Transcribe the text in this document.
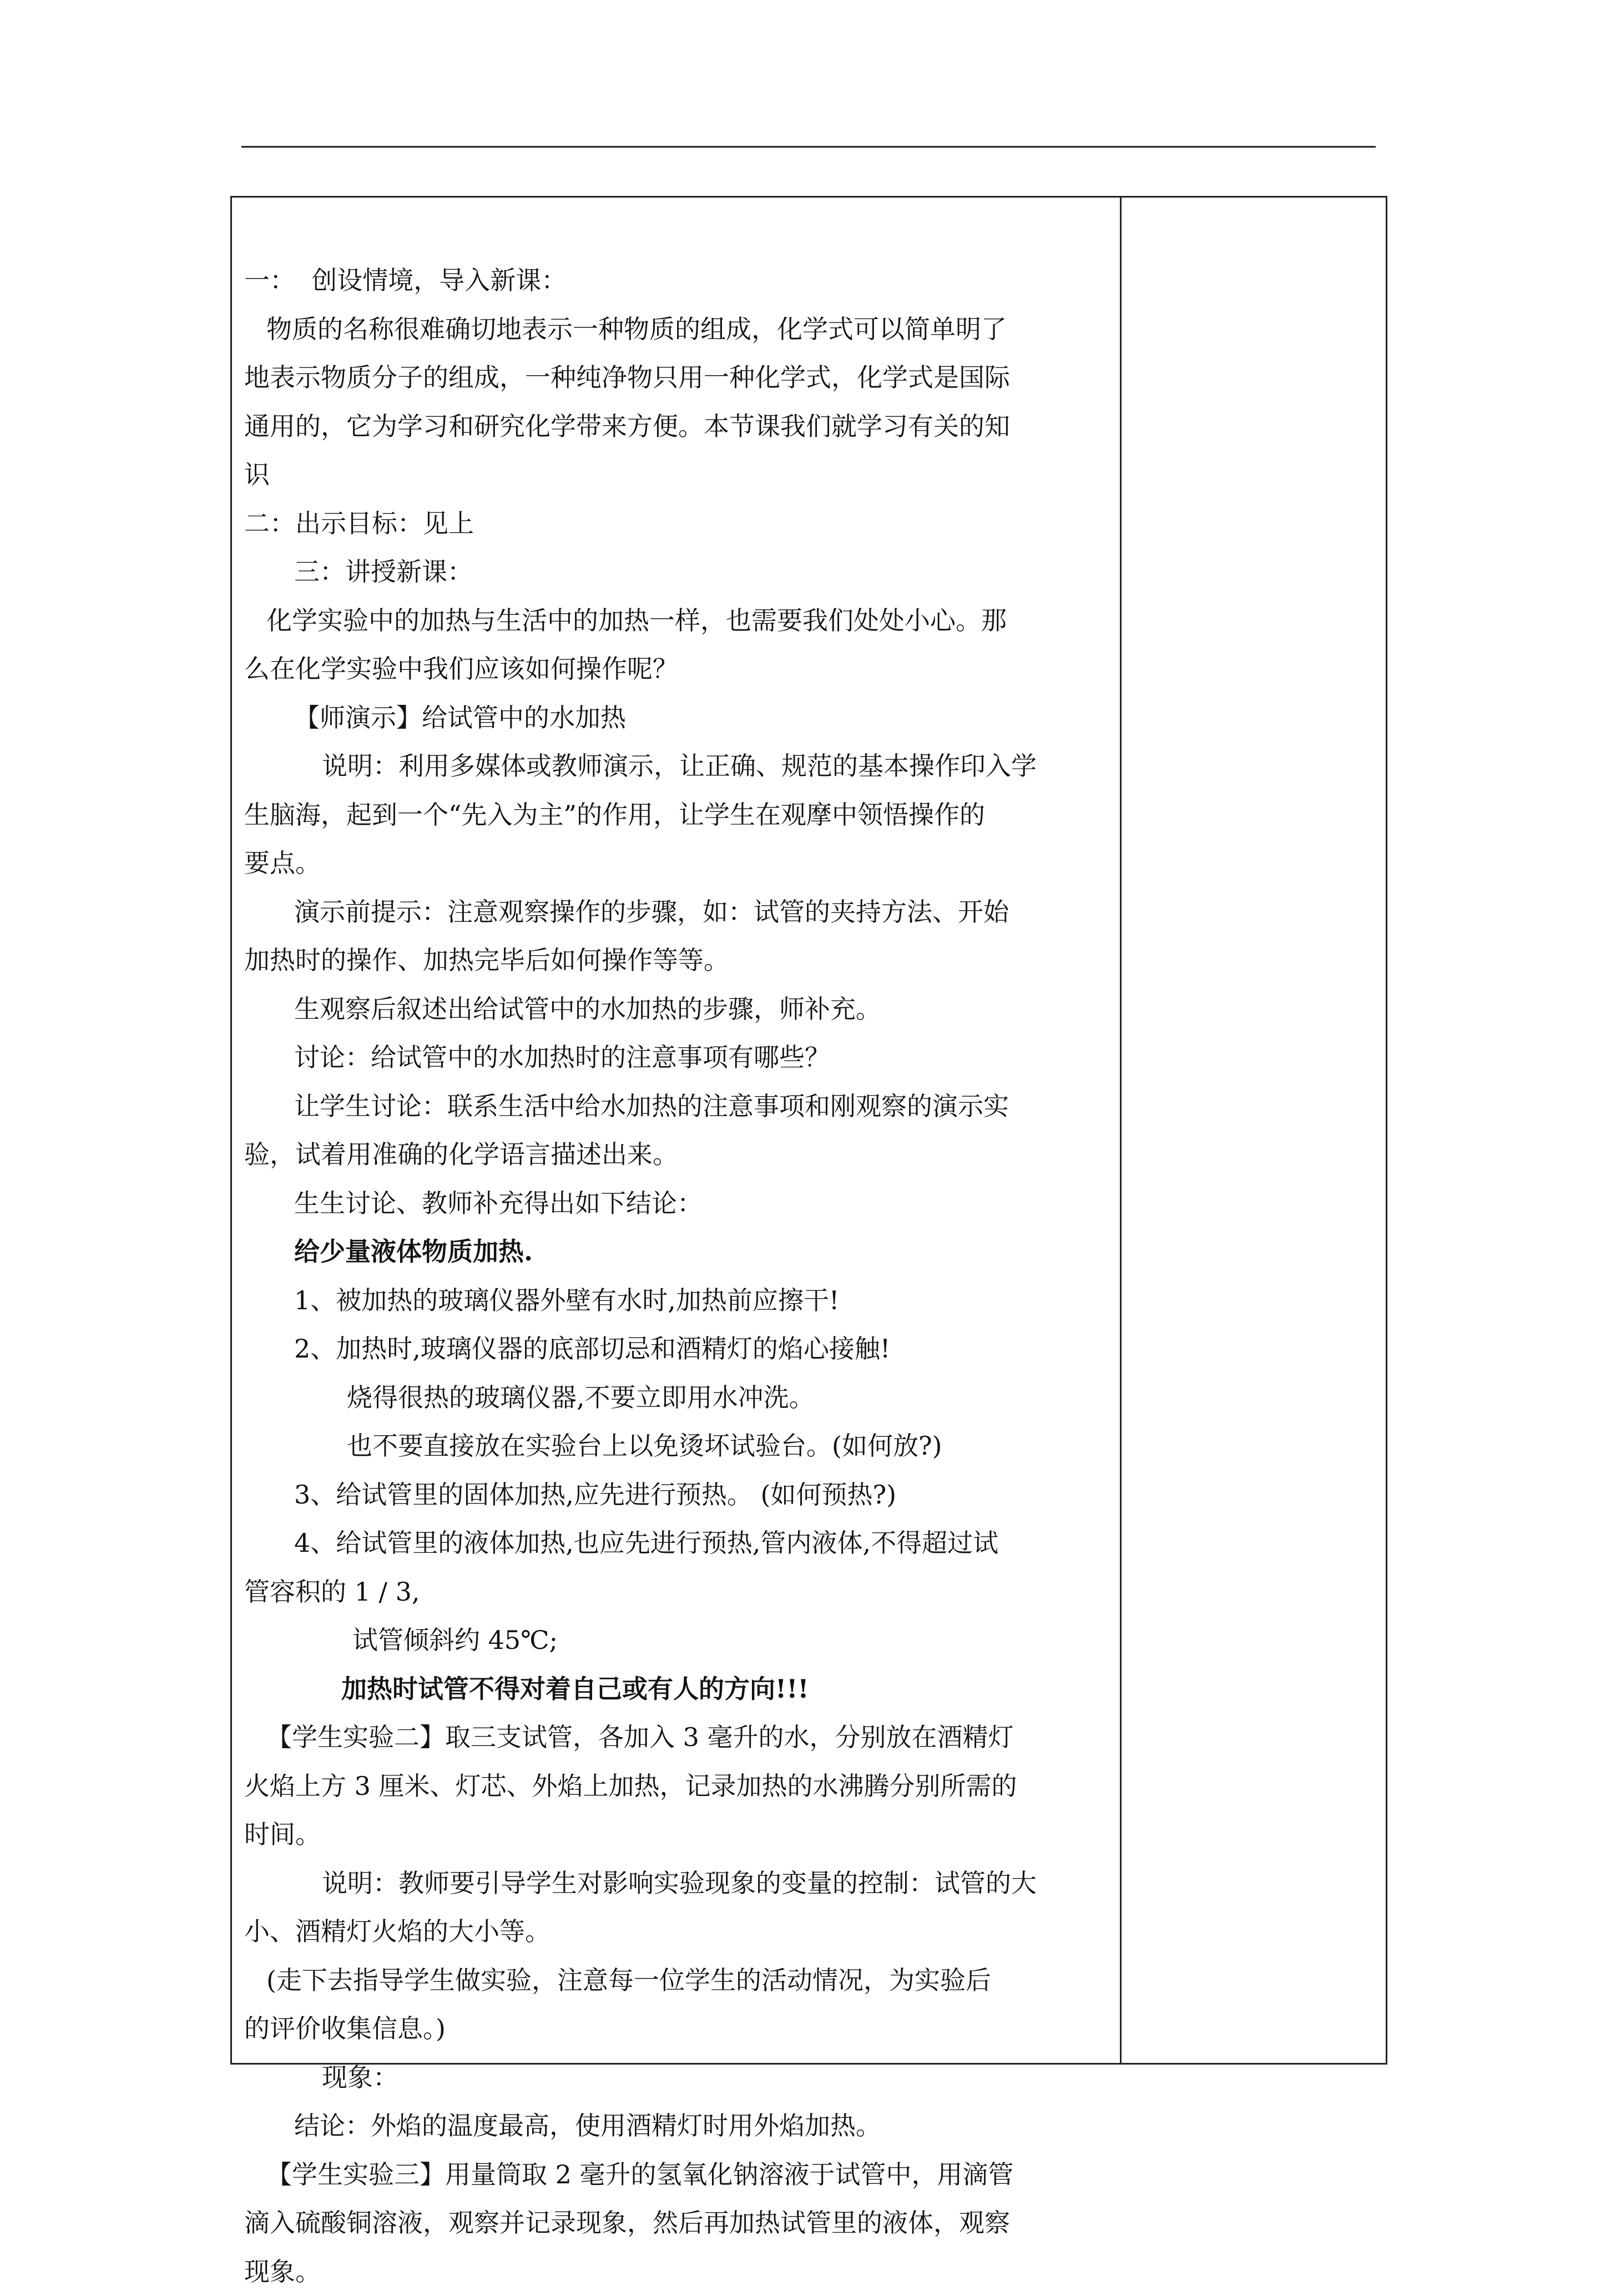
一：  创设情境，导入新课：

物质的名称很难确切地表示一种物质的组成，化学式可以简单明了

地表示物质分子的组成，一种纯净物只用一种化学式，化学式是国际

通用的，它为学习和研究化学带来方便。本节课我们就学习有关的知

识

二：出示目标：见上

三：讲授新课：

化学实验中的加热与生活中的加热一样，也需要我们处处小心。那

么在化学实验中我们应该如何操作呢？

【师演示】给试管中的水加热

说明：利用多媒体或教师演示，让正确、规范的基本操作印入学

生脑海，起到一个“先入为主”的作用，让学生在观摩中领悟操作的

要点。

演示前提示：注意观察操作的步骤，如：试管的夹持方法、开始

加热时的操作、加热完毕后如何操作等等。

生观察后叙述出给试管中的水加热的步骤，师补充。

讨论：给试管中的水加热时的注意事项有哪些？

让学生讨论：联系生活中给水加热的注意事项和刚观察的演示实

验，试着用准确的化学语言描述出来。

生生讨论、教师补充得出如下结论：

给少量液体物质加热.

1、被加热的玻璃仪器外壁有水时,加热前应擦干!

2、加热时,玻璃仪器的底部切忌和酒精灯的焰心接触!

烧得很热的玻璃仪器,不要立即用水冲洗。

也不要直接放在实验台上以免烫坏试验台。(如何放?)

3、给试管里的固体加热,应先进行预热。 (如何预热?)

4、给试管里的液体加热,也应先进行预热,管内液体,不得超过试

管容积的 1 / 3,

试管倾斜约 45℃;

加热时试管不得对着自己或有人的方向!!!

【学生实验二】取三支试管，各加入 3 毫升的水，分别放在酒精灯

火焰上方 3 厘米、灯芯、外焰上加热，记录加热的水沸腾分别所需的

时间。

说明：教师要引导学生对影响实验现象的变量的控制：试管的大

小、酒精灯火焰的大小等。

(走下去指导学生做实验，注意每一位学生的活动情况，为实验后

的评价收集信息。)

现象：

结论：外焰的温度最高，使用酒精灯时用外焰加热。

【学生实验三】用量筒取 2 毫升的氢氧化钠溶液于试管中，用滴管

滴入硫酸铜溶液，观察并记录现象，然后再加热试管里的液体，观察

现象。
